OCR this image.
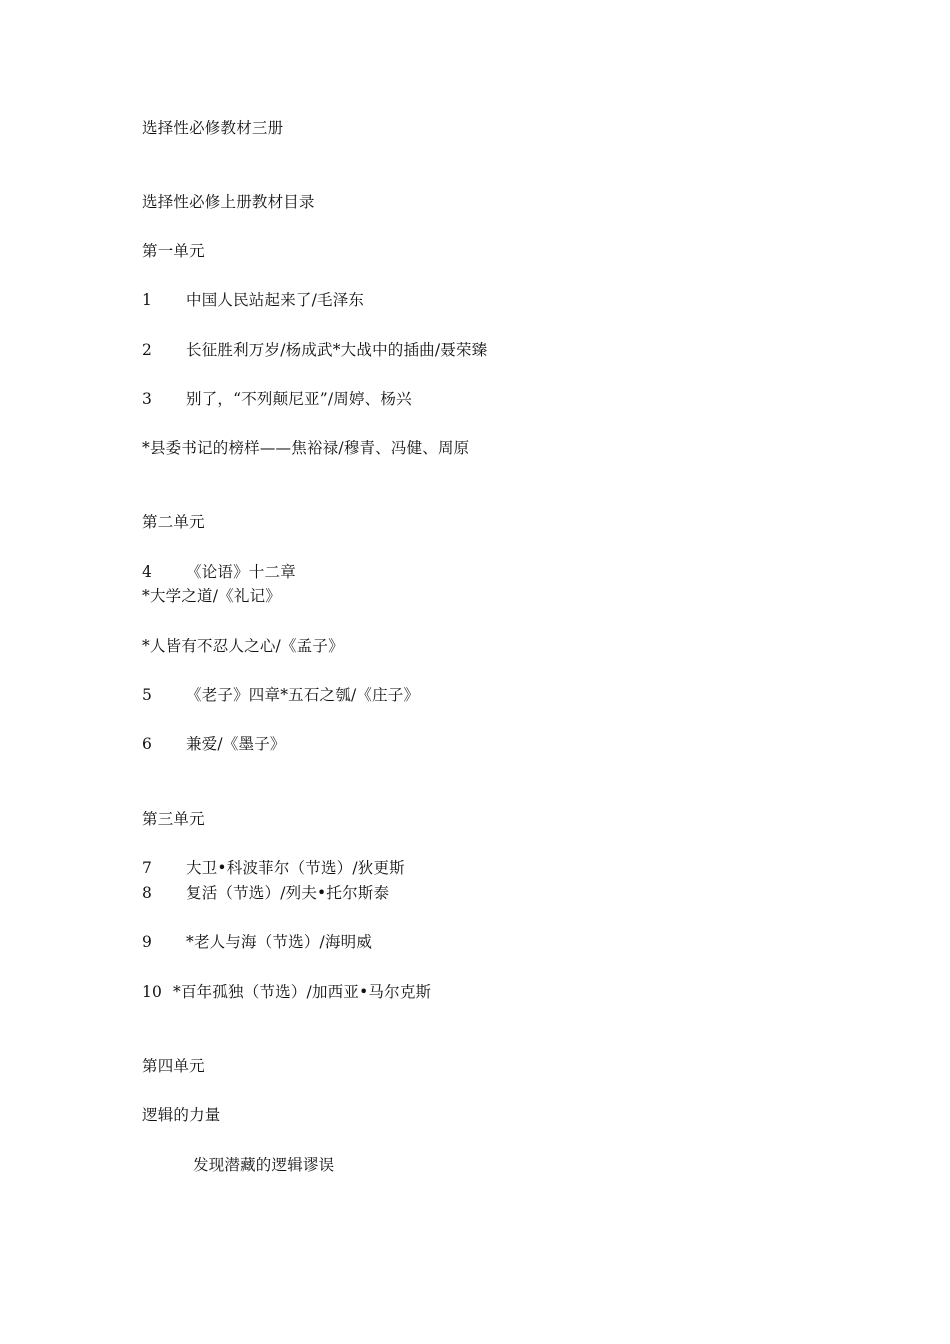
选择性必修教材三册
选择性必修上册教材目录
第一单元
1 中国人民站起来了/毛泽东
2 长征胜利万岁/杨成武*大战中的插曲/聂荣臻
3 别了，“不列颠尼亚”/周婷、杨兴
*县委书记的榜样——焦裕禄/穆青、冯健、周原
第二单元
4 《论语》十二章
*大学之道/《礼记》
*人皆有不忍人之心/《孟子》
5 《老子》四章*五石之瓠/《庄子》
6 兼爱/《墨子》
第三单元
7 大卫•科波菲尔（节选）/狄更斯
8 复活（节选）/列夫•托尔斯泰
9 *老人与海（节选）/海明威
10 *百年孤独（节选）/加西亚•马尔克斯
第四单元
逻辑的力量
发现潜藏的逻辑谬误
